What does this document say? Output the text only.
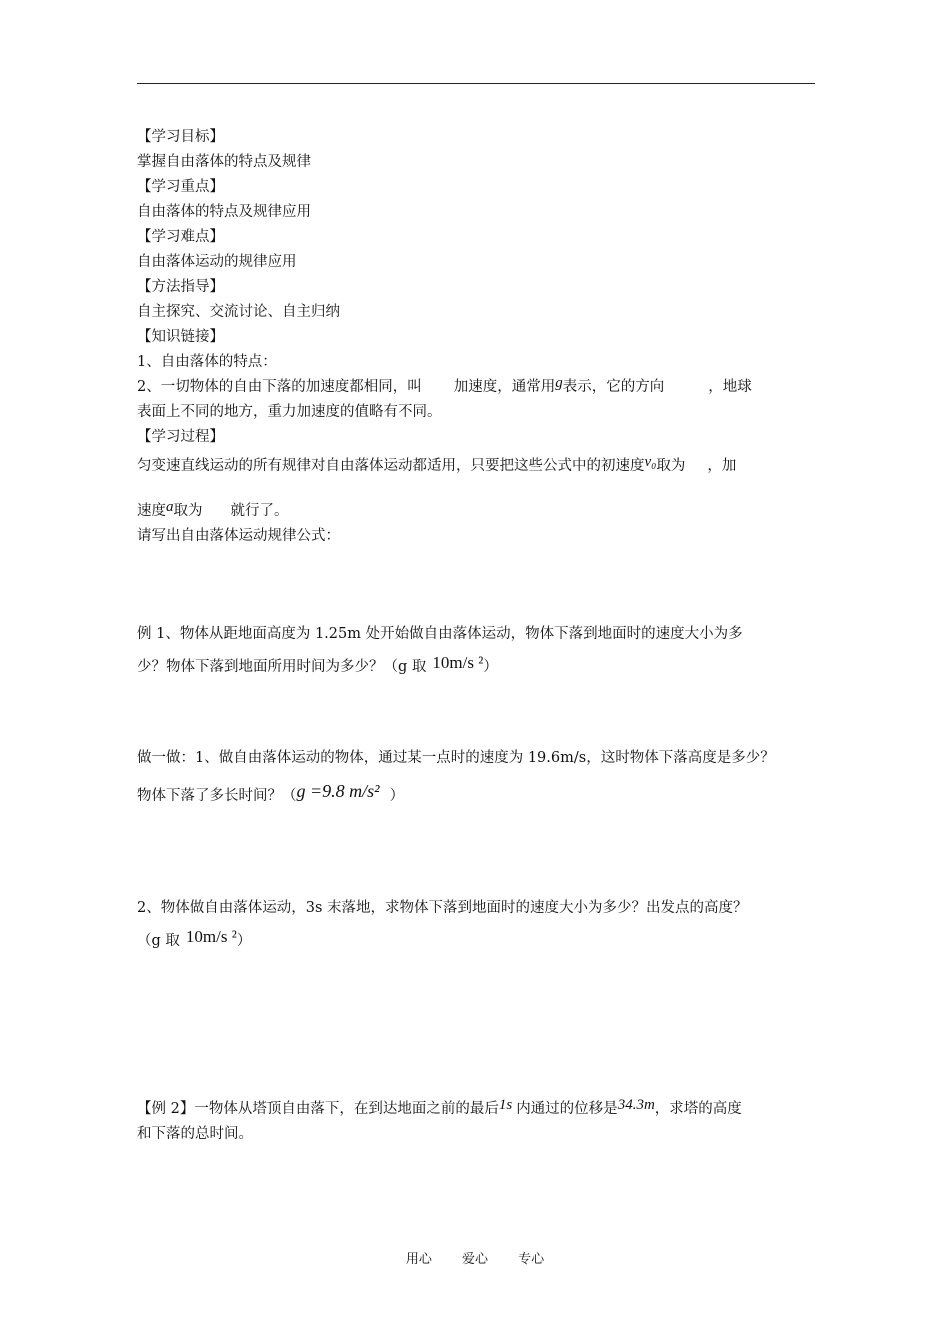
【学习目标】
掌握自由落体的特点及规律
【学习重点】
自由落体的特点及规律应用
【学习难点】
自由落体运动的规律应用
【方法指导】
自主探究、交流讨论、自主归纳
【知识链接】
1、自由落体的特点：
2、一切物体的自由下落的加速度都相同，叫 加速度，通常用g表示，它的方向	，地球
表面上不同的地方，重力加速度的值略有不同。
【学习过程】
匀变速直线运动的所有规律对自由落体运动都适用，只要把这些公式中的初速度v₀取为 ，加
速度a取为 就行了。
请写出自由落体运动规律公式：
例 1、物体从距地面高度为 1.25m 处开始做自由落体运动，物体下落到地面时的速度大小为多
少？物体下落到地面所用时间为多少？（g 取 10m/s ²）
做一做：1、做自由落体运动的物体，通过某一点时的速度为 19.6m/s，这时物体下落高度是多少？
物体下落了多长时间？（g =9.8 m/s² ）
2、物体做自由落体运动，3s 末落地，求物体下落到地面时的速度大小为多少？出发点的高度？
（g 取 10m/s ²）
【例 2】一物体从塔顶自由落下，在到达地面之前的最后1s 内通过的位移是34.3m，求塔的高度
和下落的总时间。
用心 爱心 专心
